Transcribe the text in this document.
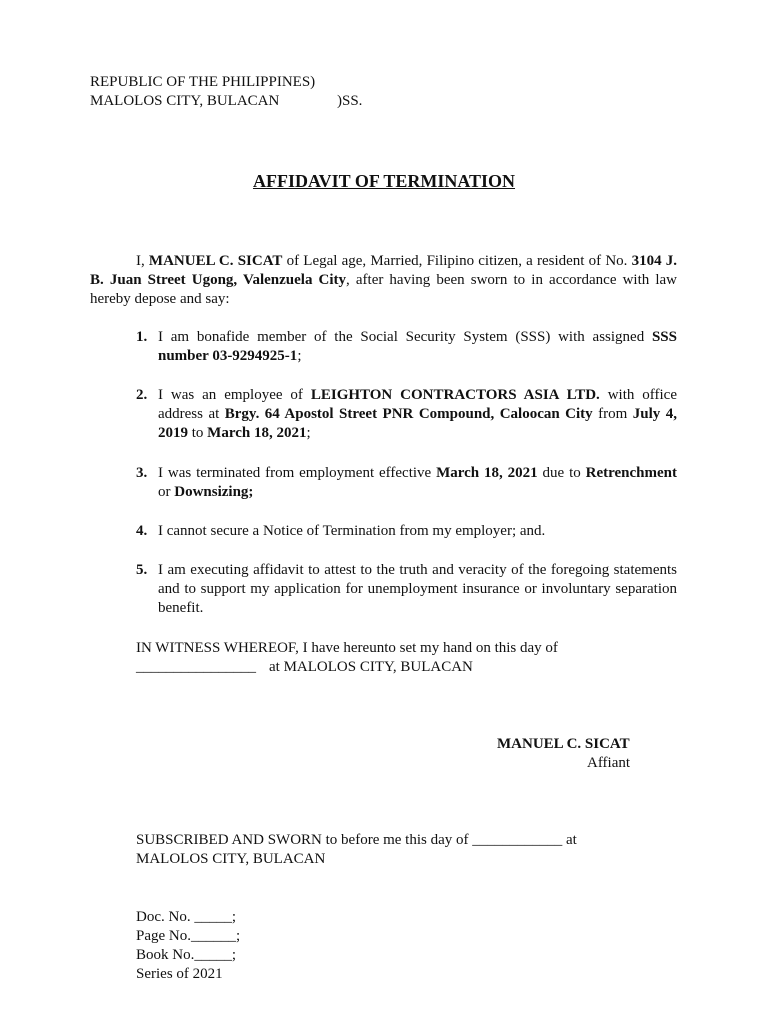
REPUBLIC OF THE PHILIPPINES)
MALOLOS CITY, BULACAN	)SS.
AFFIDAVIT OF TERMINATION
I, MANUEL C. SICAT of Legal age, Married, Filipino citizen, a resident of No. 3104 J. B. Juan Street Ugong, Valenzuela City, after having been sworn to in accordance with law hereby depose and say:
1. I am bonafide member of the Social Security System (SSS) with assigned SSS number 03-9294925-1;
2. I was an employee of LEIGHTON CONTRACTORS ASIA LTD. with office address at Brgy. 64 Apostol Street PNR Compound, Caloocan City from July 4, 2019 to March 18, 2021;
3. I was terminated from employment effective March 18, 2021 due to Retrenchment or Downsizing;
4. I cannot secure a Notice of Termination from my employer; and.
5. I am executing affidavit to attest to the truth and veracity of the foregoing statements and to support my application for unemployment insurance or involuntary separation benefit.
IN WITNESS WHEREOF, I have hereunto set my hand on this day of
________________ at MALOLOS CITY, BULACAN
MANUEL C. SICAT
Affiant
SUBSCRIBED AND SWORN to before me this day of ____________ at
MALOLOS CITY, BULACAN
Doc. No. _____;
Page No.______;
Book No._____;
Series of 2021
